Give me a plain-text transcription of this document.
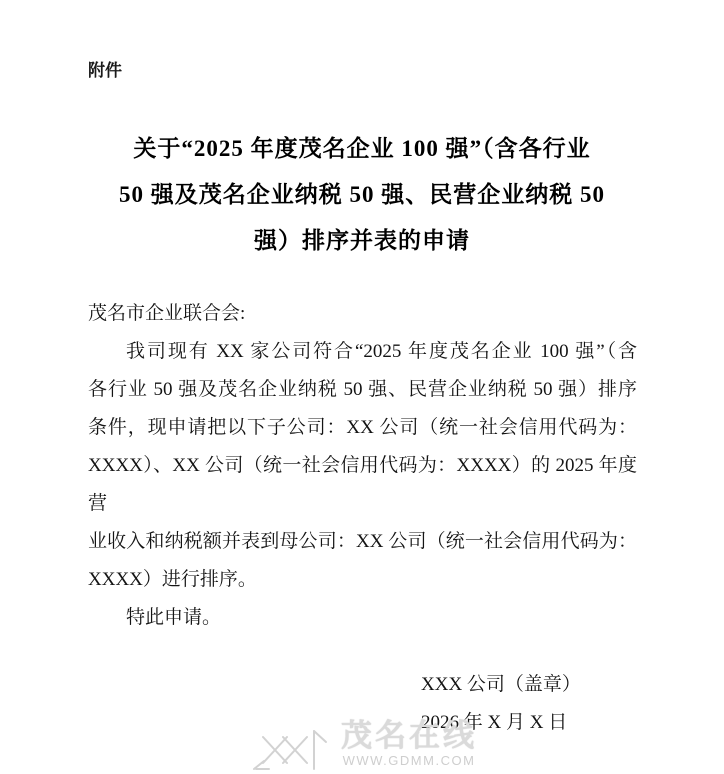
附件
关于“2025 年度茂名企业 100 强”（含各行业
50 强及茂名企业纳税 50 强、民营企业纳税 50
强）排序并表的申请
茂名市企业联合会:
我司现有 XX 家公司符合“2025 年度茂名企业 100 强”（含
各行业 50 强及茂名企业纳税 50 强、民营企业纳税 50 强）排序
条件，现申请把以下子公司：XX 公司（统一社会信用代码为：
XXXX）、XX 公司（统一社会信用代码为：XXXX）的 2025 年度营
业收入和纳税额并表到母公司：XX 公司（统一社会信用代码为：
XXXX）进行排序。
特此申请。
XXX 公司（盖章）
2026 年 X 月 X 日
茂名在线
WWW.GDMM.COM
